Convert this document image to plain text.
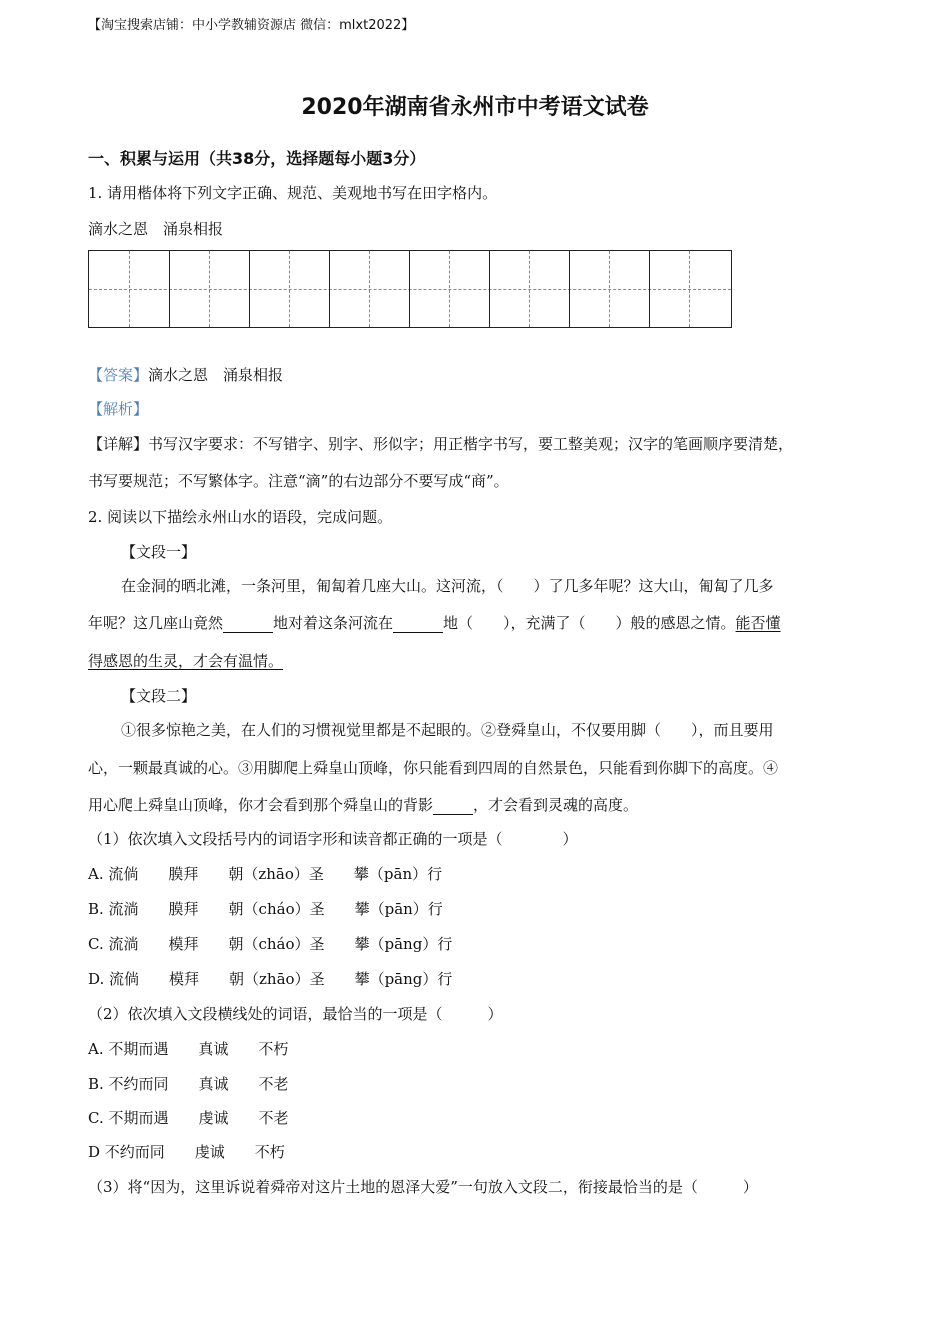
【淘宝搜索店铺：中小学教辅资源店 微信：mlxt2022】
2020年湖南省永州市中考语文试卷
一、积累与运用（共38分，选择题每小题3分）
1. 请用楷体将下列文字正确、规范、美观地书写在田字格内。
滴水之恩　涌泉相报
【答案】滴水之恩　涌泉相报
【解析】
【详解】书写汉字要求：不写错字、别字、形似字；用正楷字书写，要工整美观；汉字的笔画顺序要清楚，
书写要规范；不写繁体字。注意“滴”的右边部分不要写成“商”。
2. 阅读以下描绘永州山水的语段，完成问题。
【文段一】
在金洞的晒北滩，一条河里，匍匐着几座大山。这河流，（　　）了几多年呢？这大山，匍匐了几多
年呢？这几座山竟然	地对着这条河流在	地（　　），充满了（　　）般的感恩之情。能否懂
得感恩的生灵，才会有温情。
【文段二】
①很多惊艳之美，在人们的习惯视觉里都是不起眼的。②登舜皇山，不仅要用脚（　　），而且要用
心，一颗最真诚的心。③用脚爬上舜皇山顶峰，你只能看到四周的自然景色，只能看到你脚下的高度。④
用心爬上舜皇山顶峰，你才会看到那个舜皇山的背影	，才会看到灵魂的高度。
（1）依次填入文段括号内的词语字形和读音都正确的一项是（　　　　）
A. 流倘　　膜拜　　朝（zhāo）圣　　攀（pān）行
B. 流淌　　膜拜　　朝（cháo）圣　　攀（pān）行
C. 流淌　　模拜　　朝（cháo）圣　　攀（pāng）行
D. 流倘　　模拜　　朝（zhāo）圣　　攀（pāng）行
（2）依次填入文段横线处的词语，最恰当的一项是（　　　）
A. 不期而遇　　真诚　　不朽
B. 不约而同　　真诚　　不老
C. 不期而遇　　虔诚　　不老
D 不约而同　　虔诚　　不朽
（3）将“因为，这里诉说着舜帝对这片土地的恩泽大爱”一句放入文段二，衔接最恰当的是（　　　）
